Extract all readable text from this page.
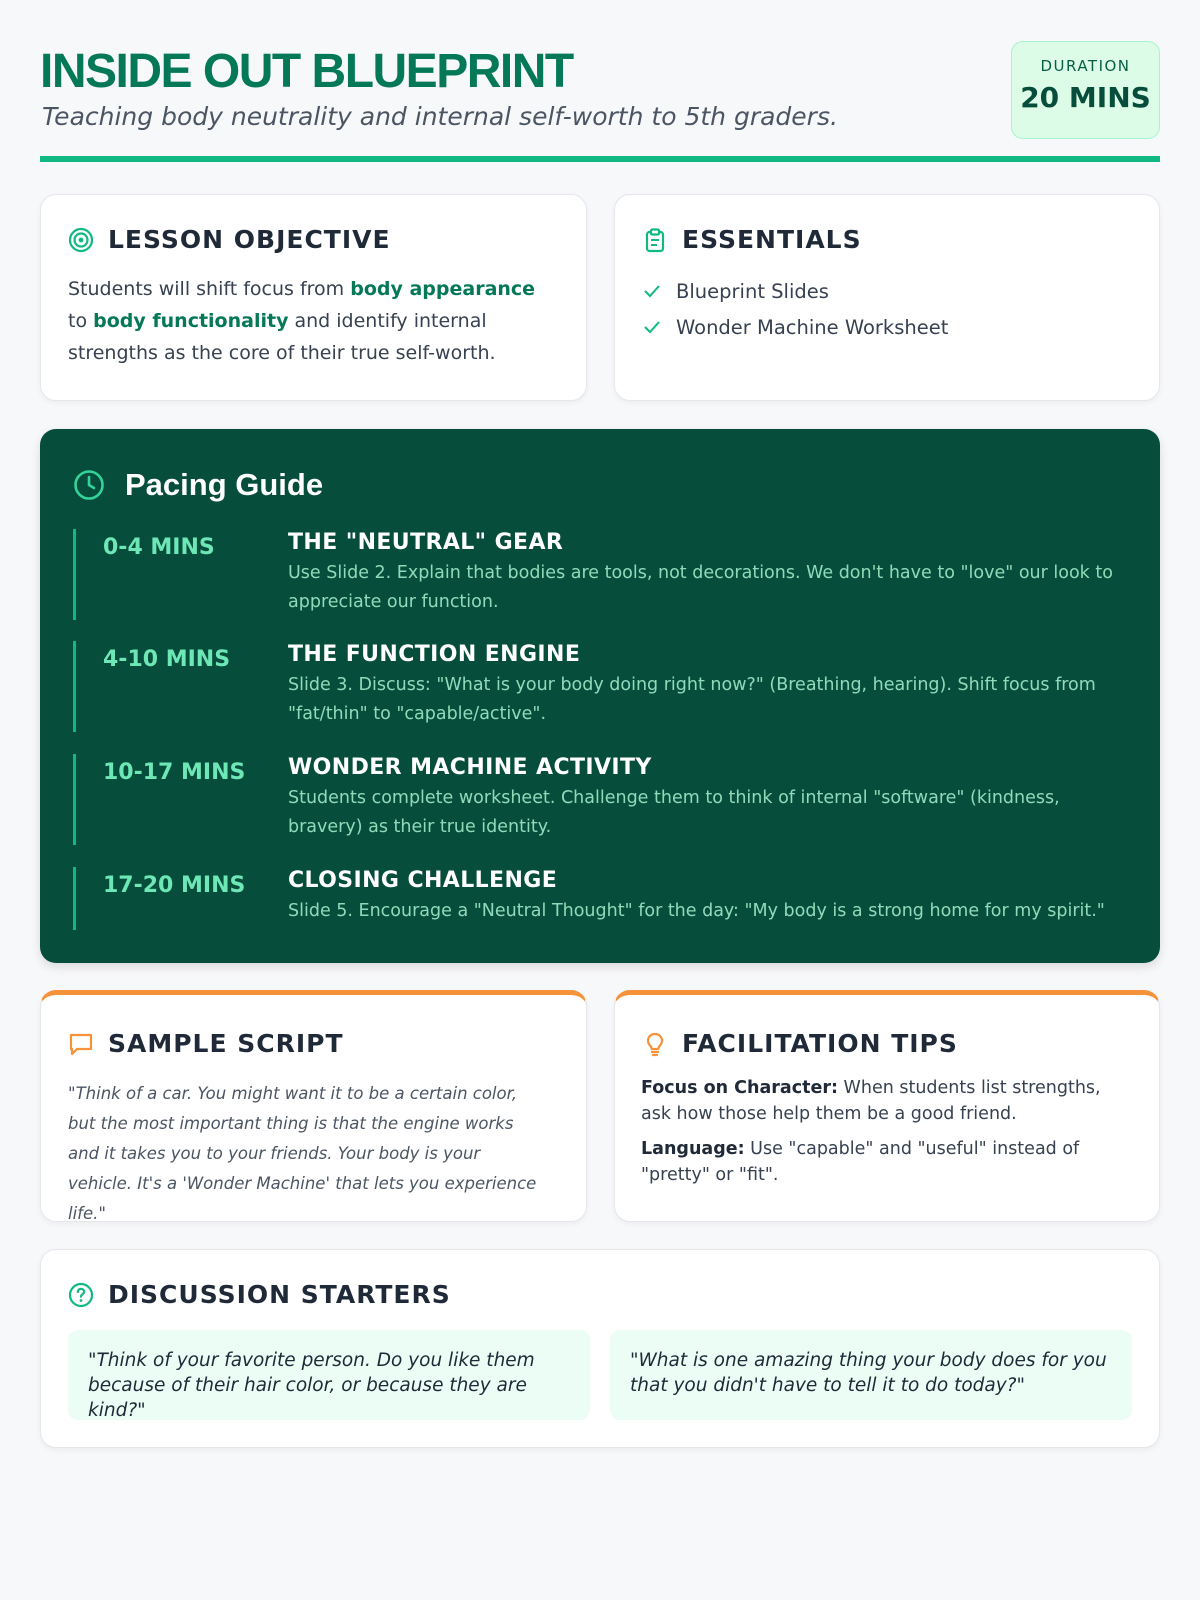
INSIDE OUT BLUEPRINT
Teaching body neutrality and internal self-worth to 5th graders.
DURATION
20 MINS
LESSON OBJECTIVE
Students will shift focus from body appearance to body functionality and identify internal strengths as the core of their true self-worth.
ESSENTIALS
Blueprint Slides
Wonder Machine Worksheet
Pacing Guide
0-4 MINS	THE "NEUTRAL" GEAR
Use Slide 2. Explain that bodies are tools, not decorations. We don't have to "love" our look to appreciate our function.
4-10 MINS	THE FUNCTION ENGINE
Slide 3. Discuss: "What is your body doing right now?" (Breathing, hearing). Shift focus from "fat/thin" to "capable/active".
10-17 MINS WONDER MACHINE ACTIVITY
Students complete worksheet. Challenge them to think of internal "software" (kindness, bravery) as their true identity.
17-20 MINS CLOSING CHALLENGE
Slide 5. Encourage a "Neutral Thought" for the day: "My body is a strong home for my spirit."
SAMPLE SCRIPT
"Think of a car. You might want it to be a certain color, but the most important thing is that the engine works and it takes you to your friends. Your body is your vehicle. It's a 'Wonder Machine' that lets you experience life."
FACILITATION TIPS
Focus on Character: When students list strengths, ask how those help them be a good friend.
Language: Use "capable" and "useful" instead of "pretty" or "fit".
DISCUSSION STARTERS
"Think of your favorite person. Do you like them because of their hair color, or because they are kind?"
"What is one amazing thing your body does for you that you didn't have to tell it to do today?"
